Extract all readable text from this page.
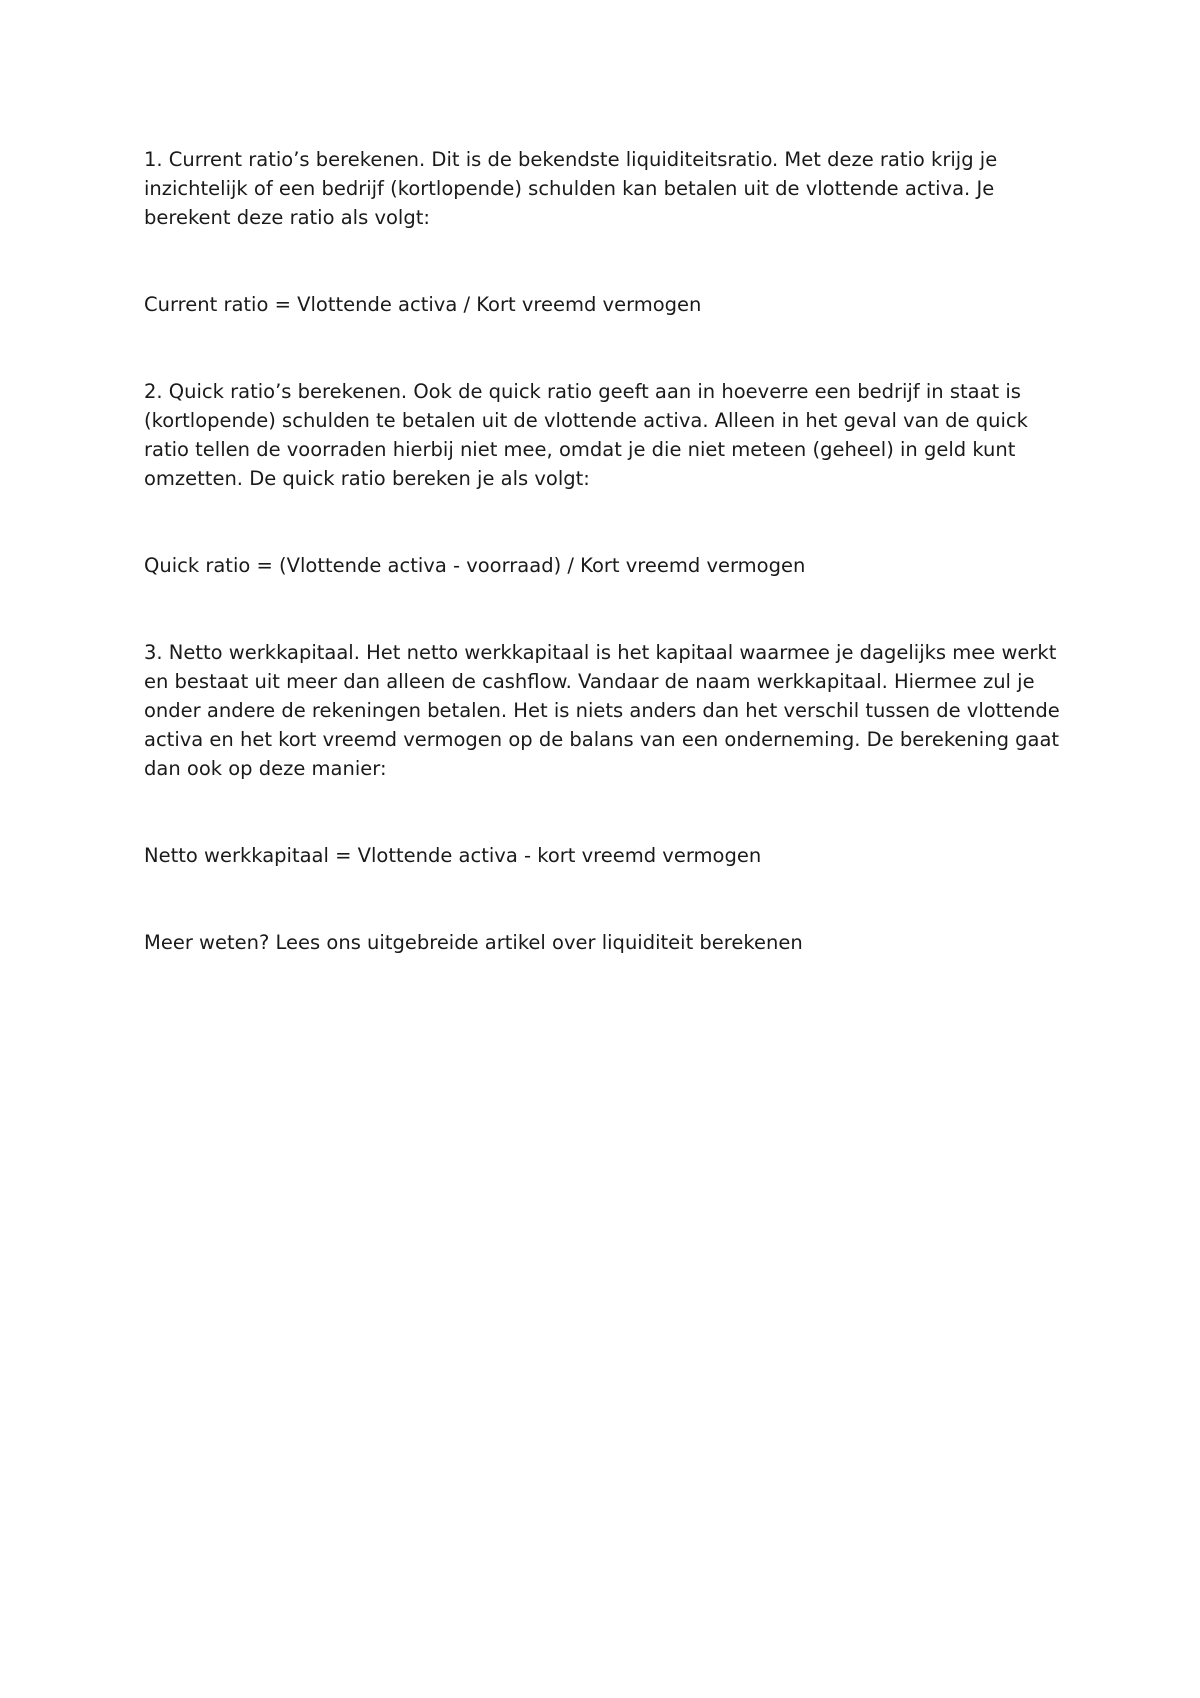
1. Current ratio’s berekenen. Dit is de bekendste liquiditeitsratio. Met deze ratio krijg je inzichtelijk of een bedrijf (kortlopende) schulden kan betalen uit de vlottende activa. Je berekent deze ratio als volgt:

Current ratio = Vlottende activa / Kort vreemd vermogen

2. Quick ratio’s berekenen. Ook de quick ratio geeft aan in hoeverre een bedrijf in staat is (kortlopende) schulden te betalen uit de vlottende activa. Alleen in het geval van de quick ratio tellen de voorraden hierbij niet mee, omdat je die niet meteen (geheel) in geld kunt omzetten. De quick ratio bereken je als volgt:

Quick ratio = (Vlottende activa - voorraad) / Kort vreemd vermogen

3. Netto werkkapitaal. Het netto werkkapitaal is het kapitaal waarmee je dagelijks mee werkt en bestaat uit meer dan alleen de cashflow. Vandaar de naam werkkapitaal. Hiermee zul je onder andere de rekeningen betalen. Het is niets anders dan het verschil tussen de vlottende activa en het kort vreemd vermogen op de balans van een onderneming. De berekening gaat dan ook op deze manier:

Netto werkkapitaal = Vlottende activa - kort vreemd vermogen

Meer weten? Lees ons uitgebreide artikel over liquiditeit berekenen
